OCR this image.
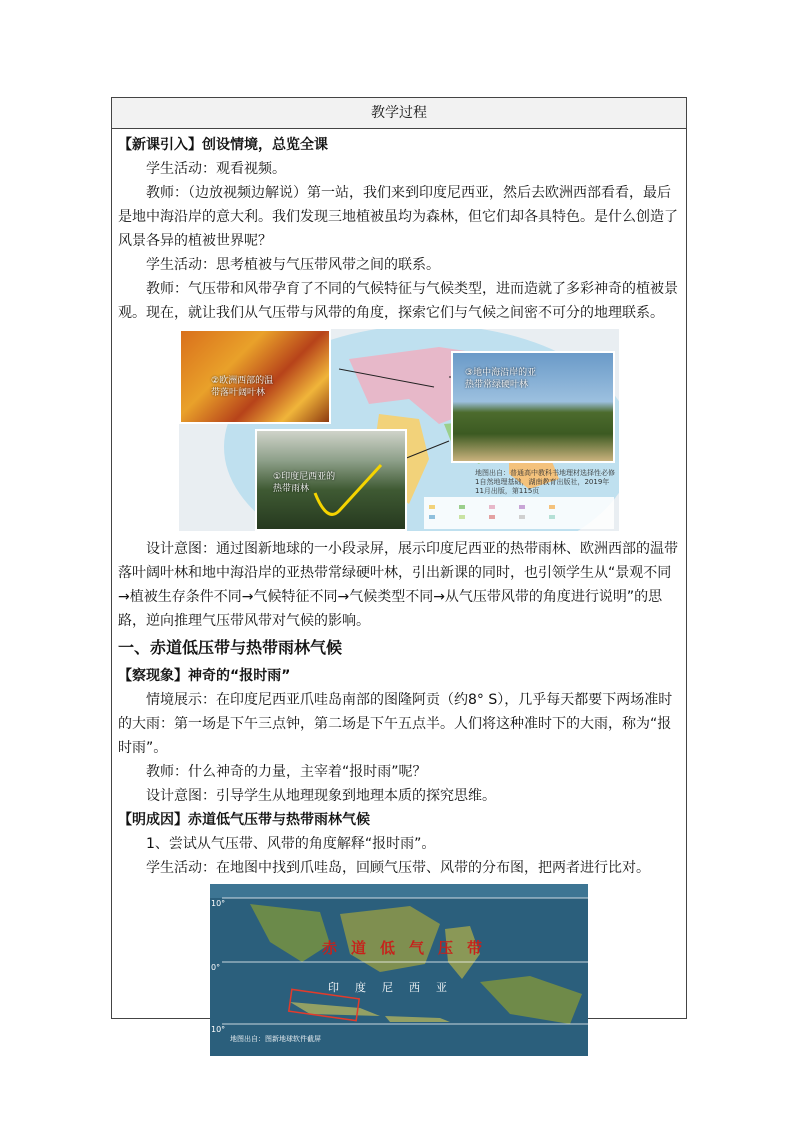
教学过程

【新课引入】创设情境，总览全课

学生活动：观看视频。

教师：（边放视频边解说）第一站，我们来到印度尼西亚，然后去欧洲西部看看，最后是地中海沿岸的意大利。我们发现三地植被虽均为森林，但它们却各具特色。是什么创造了风景各异的植被世界呢？

学生活动：思考植被与气压带风带之间的联系。

教师：气压带和风带孕育了不同的气候特征与气候类型，进而造就了多彩神奇的植被景观。现在，就让我们从气压带与风带的角度，探索它们与气候之间密不可分的地理联系。

②欧洲西部的温带落叶阔叶林
③地中海沿岸的亚热带常绿硬叶林
①印度尼西亚的热带雨林
地图出自：普通高中教科书地理材选择性必修1自然地理基础，湖南教育出版社，2019年11月出版，第115页

设计意图：通过图新地球的一小段录屏，展示印度尼西亚的热带雨林、欧洲西部的温带落叶阔叶林和地中海沿岸的亚热带常绿硬叶林，引出新课的同时，也引领学生从“景观不同→植被生存条件不同→气候特征不同→气候类型不同→从气压带风带的角度进行说明”的思路，逆向推理气压带风带对气候的影响。

一、赤道低压带与热带雨林气候

【察现象】神奇的“报时雨”

情境展示：在印度尼西亚爪哇岛南部的图隆阿贡（约8° S），几乎每天都要下两场准时的大雨：第一场是下午三点钟，第二场是下午五点半。人们将这种准时下的大雨，称为“报时雨”。

教师：什么神奇的力量，主宰着“报时雨”呢？

设计意图：引导学生从地理现象到地理本质的探究思维。

【明成因】赤道低气压带与热带雨林气候

1、尝试从气压带、风带的角度解释“报时雨”。

学生活动：在地图中找到爪哇岛，回顾气压带、风带的分布图，把两者进行比对。

10°
0°
10°
赤道低气压带
印度尼西亚
地图出自：图新地球软件截屏
